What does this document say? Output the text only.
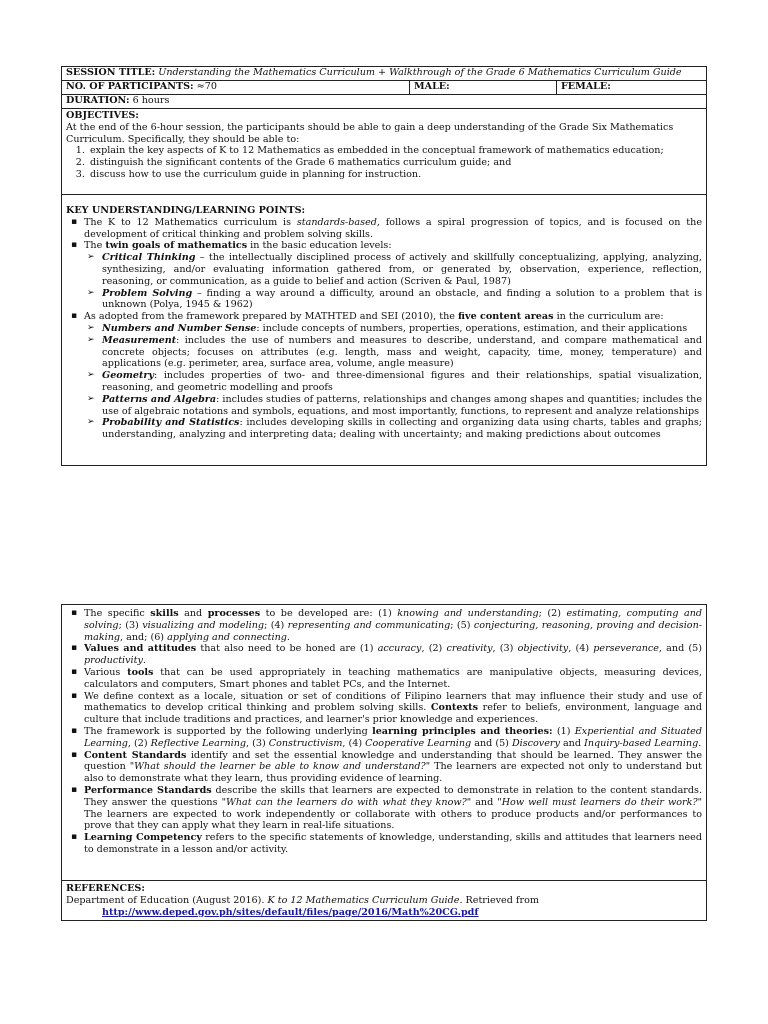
SESSION TITLE: Understanding the Mathematics Curriculum + Walkthrough of the Grade 6 Mathematics Curriculum Guide
NO. OF PARTICIPANTS: ≈70	MALE:	FEMALE:
DURATION: 6 hours
OBJECTIVES:
At the end of the 6-hour session, the participants should be able to gain a deep understanding of the Grade Six Mathematics Curriculum. Specifically, they should be able to:
1. explain the key aspects of K to 12 Mathematics as embedded in the conceptual framework of mathematics education;
2. distinguish the significant contents of the Grade 6 mathematics curriculum guide; and
3. discuss how to use the curriculum guide in planning for instruction.
KEY UNDERSTANDING/LEARNING POINTS:
▪ The K to 12 Mathematics curriculum is standards-based, follows a spiral progression of topics, and is focused on the development of critical thinking and problem solving skills.
▪ The twin goals of mathematics in the basic education levels:
➢ Critical Thinking – the intellectually disciplined process of actively and skillfully conceptualizing, applying, analyzing, synthesizing, and/or evaluating information gathered from, or generated by, observation, experience, reflection, reasoning, or communication, as a guide to belief and action (Scriven & Paul, 1987)
➢ Problem Solving – finding a way around a difficulty, around an obstacle, and finding a solution to a problem that is unknown (Polya, 1945 & 1962)
▪ As adopted from the framework prepared by MATHTED and SEI (2010), the five content areas in the curriculum are:
➢ Numbers and Number Sense: include concepts of numbers, properties, operations, estimation, and their applications
➢ Measurement: includes the use of numbers and measures to describe, understand, and compare mathematical and concrete objects; focuses on attributes (e.g. length, mass and weight, capacity, time, money, temperature) and applications (e.g. perimeter, area, surface area, volume, angle measure)
➢ Geometry: includes properties of two- and three-dimensional figures and their relationships, spatial visualization, reasoning, and geometric modelling and proofs
➢ Patterns and Algebra: includes studies of patterns, relationships and changes among shapes and quantities; includes the use of algebraic notations and symbols, equations, and most importantly, functions, to represent and analyze relationships
➢ Probability and Statistics: includes developing skills in collecting and organizing data using charts, tables and graphs; understanding, analyzing and interpreting data; dealing with uncertainty; and making predictions about outcomes
▪ The specific skills and processes to be developed are: (1) knowing and understanding; (2) estimating, computing and solving; (3) visualizing and modeling; (4) representing and communicating; (5) conjecturing, reasoning, proving and decision-making, and; (6) applying and connecting.
▪ Values and attitudes that also need to be honed are (1) accuracy, (2) creativity, (3) objectivity, (4) perseverance, and (5) productivity.
▪ Various tools that can be used appropriately in teaching mathematics are manipulative objects, measuring devices, calculators and computers, Smart phones and tablet PCs, and the Internet.
▪ We define context as a locale, situation or set of conditions of Filipino learners that may influence their study and use of mathematics to develop critical thinking and problem solving skills. Contexts refer to beliefs, environment, language and culture that include traditions and practices, and learner's prior knowledge and experiences.
▪ The framework is supported by the following underlying learning principles and theories: (1) Experiential and Situated Learning, (2) Reflective Learning, (3) Constructivism, (4) Cooperative Learning and (5) Discovery and Inquiry-based Learning.
▪ Content Standards identify and set the essential knowledge and understanding that should be learned. They answer the question "What should the learner be able to know and understand?" The learners are expected not only to understand but also to demonstrate what they learn, thus providing evidence of learning.
▪ Performance Standards describe the skills that learners are expected to demonstrate in relation to the content standards. They answer the questions "What can the learners do with what they know?" and "How well must learners do their work?" The learners are expected to work independently or collaborate with others to produce products and/or performances to prove that they can apply what they learn in real-life situations.
▪ Learning Competency refers to the specific statements of knowledge, understanding, skills and attitudes that learners need to demonstrate in a lesson and/or activity.
REFERENCES:
Department of Education (August 2016). K to 12 Mathematics Curriculum Guide. Retrieved from
http://www.deped.gov.ph/sites/default/files/page/2016/Math%20CG.pdf
